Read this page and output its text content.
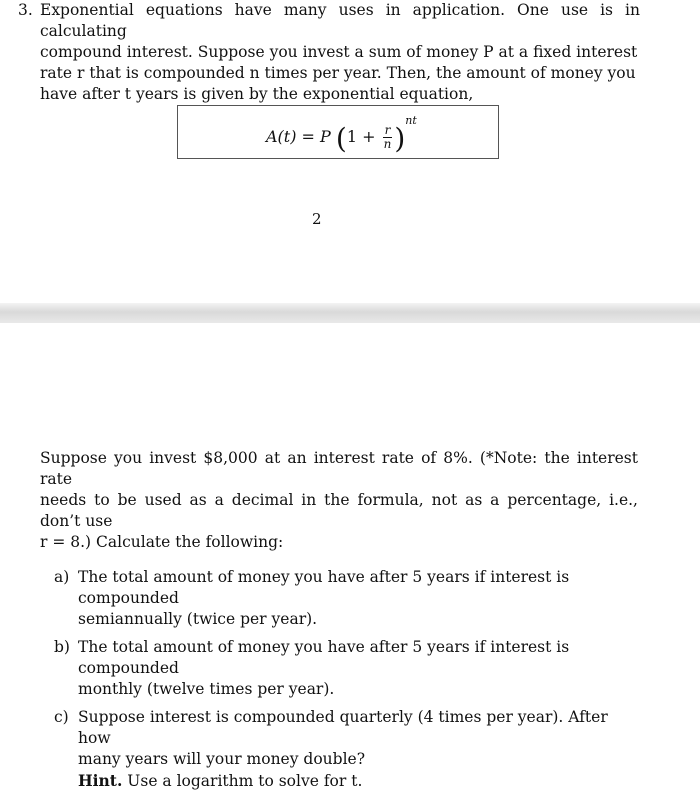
3. Exponential equations have many uses in application. One use is in calculating
compound interest. Suppose you invest a sum of money P at a fixed interest
rate r that is compounded n times per year. Then, the amount of money you
have after t years is given by the exponential equation,
A(t) = P $(1 + \frac{r}{n} )^{nt}$
2
Suppose you invest $8,000 at an interest rate of 8%. (*Note: the interest rate
needs to be used as a decimal in the formula, not as a percentage, i.e., don’t use
r = 8.) Calculate the following:
a) The total amount of money you have after 5 years if interest is compounded
semiannually (twice per year).
b) The total amount of money you have after 5 years if interest is compounded
monthly (twelve times per year).
c) Suppose interest is compounded quarterly (4 times per year). After how
many years will your money double?
Hint. Use a logarithm to solve for t.
